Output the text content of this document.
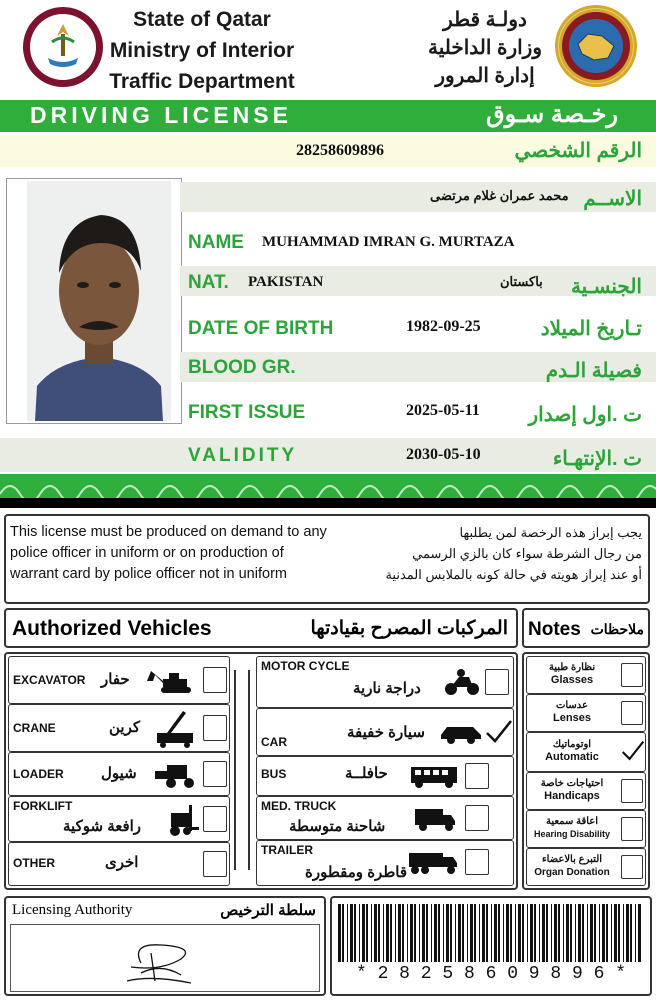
State of Qatar
Ministry of Interior
Traffic Department
دولـة قطر
وزارة الداخلية
إدارة المرور
DRIVING LICENSE	رخـصة سـوق
28258609896	الرقم الشخصي
محمد عمران غلام مرتضى الاســم
NAME MUHAMMAD IMRAN G. MURTAZA
NAT. PAKISTAN	باكستان الجنسـية
DATE OF BIRTH	1982-09-25	تـاريخ الميلاد
BLOOD GR.	فصيلة الـدم
FIRST ISSUE	2025-05-11 ت .اول إصدار
VALIDITY	2030-05-10	ت .الإنتهـاء
This license must be produced on demand to any
police officer in uniform or on production of
warrant card by police officer not in uniform
يجب إبراز هذه الرخصة لمن يطلبها
من رجال الشرطة سواء كان بالزي الرسمي
أو عند إبراز هويته في حالة كونه بالملابس المدنية
Authorized Vehicles	المركبات المصرح بقيادتها Notes ملاحظات
EXCAVATOR حفار
CRANE	كرين
LOADER شيول
FORKLIFT
رافعة شوكية
OTHER	اخرى
MOTOR CYCLE
دراجة نارية
CAR
سيارة خفيفة
BUS	حافلــة
MED. TRUCK
شاحنة متوسطة
TRAILER
قاطرة ومقطورة
نظارة طبية
Glasses
عدسات
Lenses
اوتوماتيك
Automatic
احتياجات خاصة
Handicaps
اعاقة سمعية
Hearing Disability
التبرع بالاعضاء
Organ Donation
Licensing Authority	سلطة الترخيص
* 2 8 2 5 8 6 0 9 8 9 6 *
